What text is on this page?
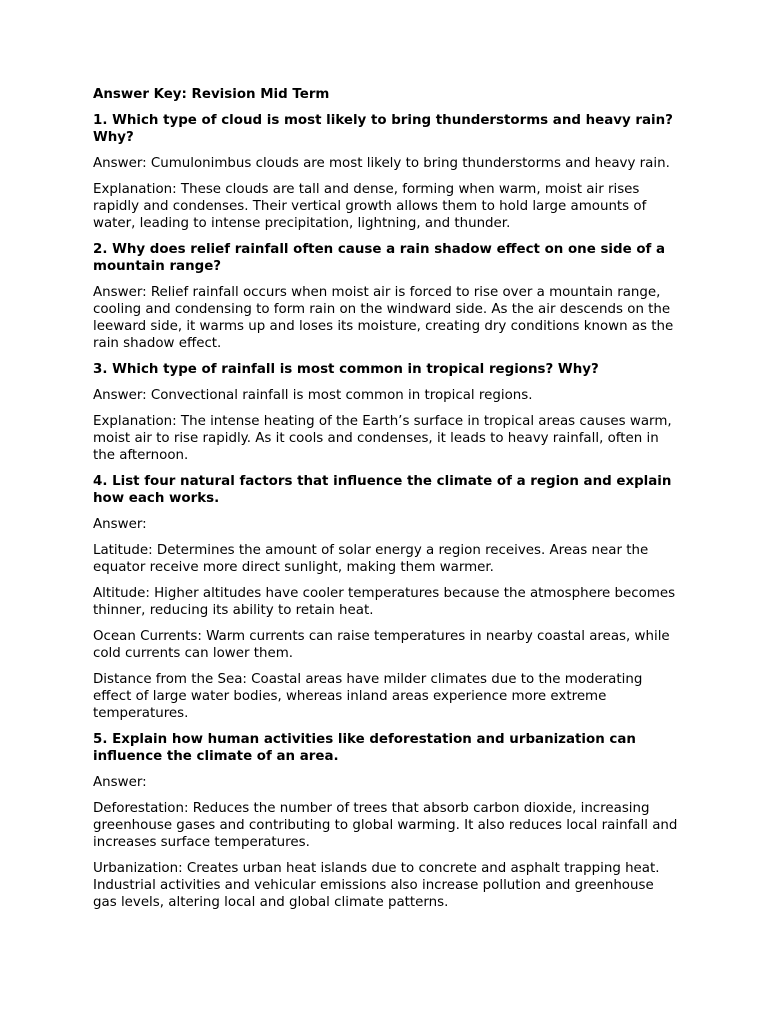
Answer Key: Revision Mid Term
1. Which type of cloud is most likely to bring thunderstorms and heavy rain? Why?
Answer: Cumulonimbus clouds are most likely to bring thunderstorms and heavy rain.
Explanation: These clouds are tall and dense, forming when warm, moist air rises rapidly and condenses. Their vertical growth allows them to hold large amounts of water, leading to intense precipitation, lightning, and thunder.
2. Why does relief rainfall often cause a rain shadow effect on one side of a mountain range?
Answer: Relief rainfall occurs when moist air is forced to rise over a mountain range, cooling and condensing to form rain on the windward side. As the air descends on the leeward side, it warms up and loses its moisture, creating dry conditions known as the rain shadow effect.
3. Which type of rainfall is most common in tropical regions? Why?
Answer: Convectional rainfall is most common in tropical regions.
Explanation: The intense heating of the Earth’s surface in tropical areas causes warm, moist air to rise rapidly. As it cools and condenses, it leads to heavy rainfall, often in the afternoon.
4. List four natural factors that influence the climate of a region and explain how each works.
Answer:
Latitude: Determines the amount of solar energy a region receives. Areas near the equator receive more direct sunlight, making them warmer.
Altitude: Higher altitudes have cooler temperatures because the atmosphere becomes thinner, reducing its ability to retain heat.
Ocean Currents: Warm currents can raise temperatures in nearby coastal areas, while cold currents can lower them.
Distance from the Sea: Coastal areas have milder climates due to the moderating effect of large water bodies, whereas inland areas experience more extreme temperatures.
5. Explain how human activities like deforestation and urbanization can influence the climate of an area.
Answer:
Deforestation: Reduces the number of trees that absorb carbon dioxide, increasing greenhouse gases and contributing to global warming. It also reduces local rainfall and increases surface temperatures.
Urbanization: Creates urban heat islands due to concrete and asphalt trapping heat. Industrial activities and vehicular emissions also increase pollution and greenhouse gas levels, altering local and global climate patterns.
